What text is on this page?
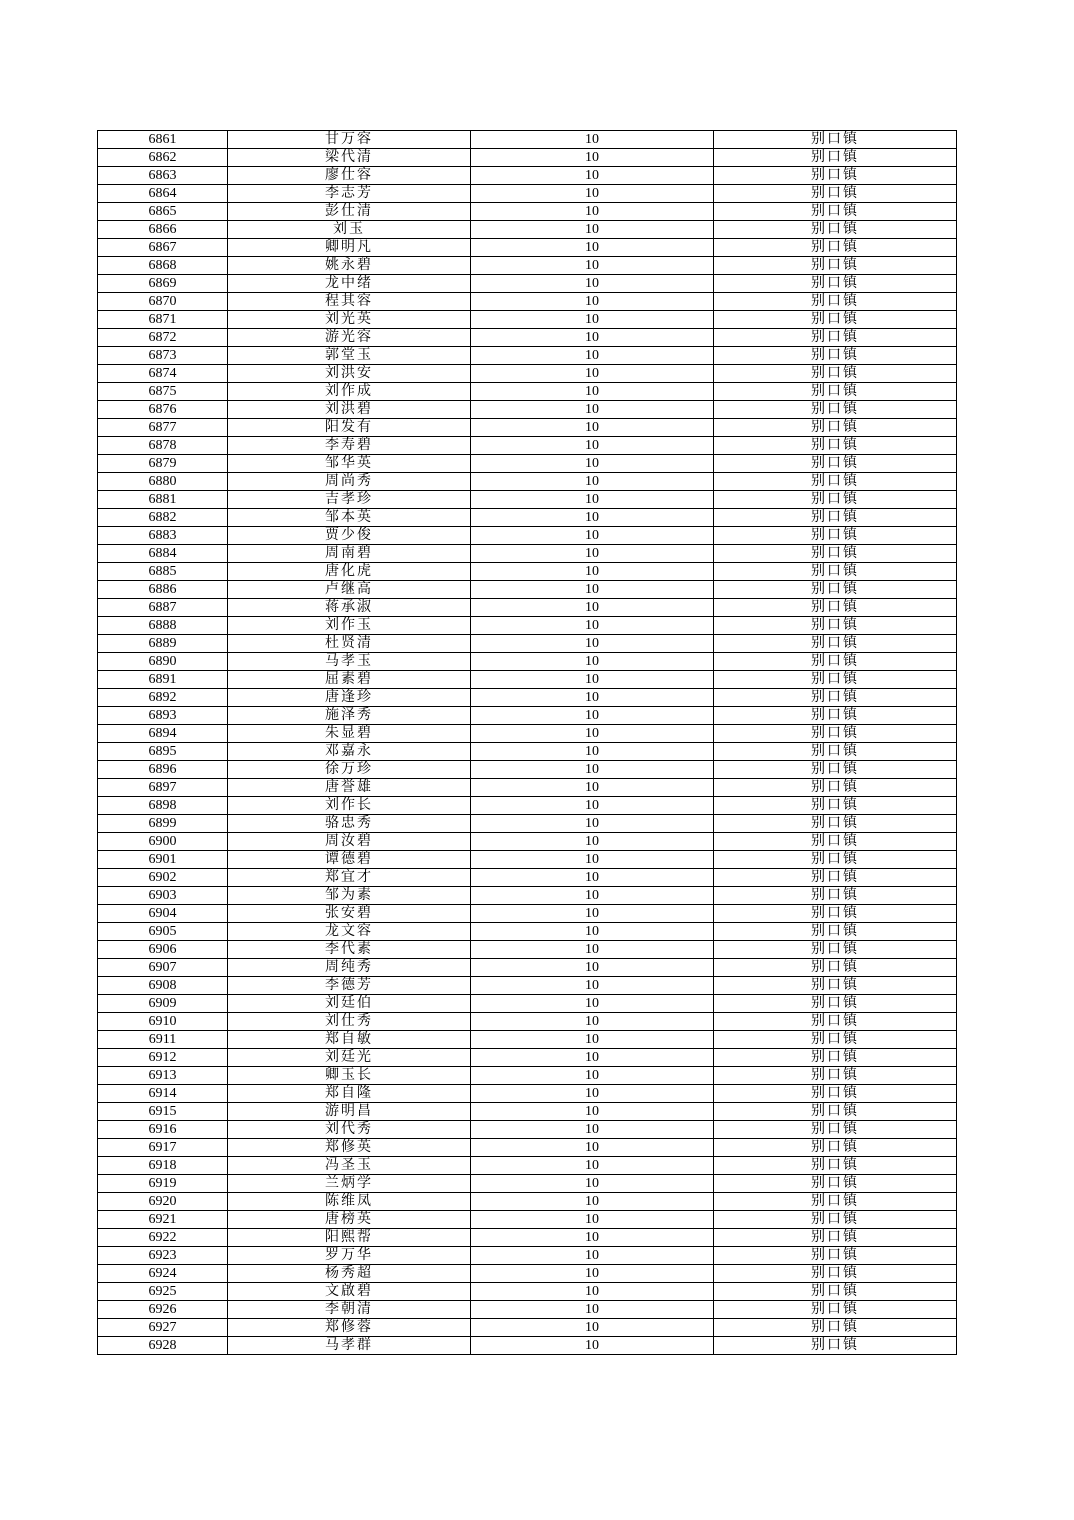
6861	甘万容	10	别口镇
6862	梁代清	10	别口镇
6863	廖仕容	10	别口镇
6864	李志芳	10	别口镇
6865	彭仕清	10	别口镇
6866	刘玉	10	别口镇
6867	卿明凡	10	别口镇
6868	姚永碧	10	别口镇
6869	龙中绪	10	别口镇
6870	程其容	10	别口镇
6871	刘光英	10	别口镇
6872	游光容	10	别口镇
6873	郭堂玉	10	别口镇
6874	刘洪安	10	别口镇
6875	刘作成	10	别口镇
6876	刘洪碧	10	别口镇
6877	阳发有	10	别口镇
6878	李寿碧	10	别口镇
6879	邹华英	10	别口镇
6880	周尚秀	10	别口镇
6881	吉孝珍	10	别口镇
6882	邹本英	10	别口镇
6883	贾少俊	10	别口镇
6884	周南碧	10	别口镇
6885	唐化虎	10	别口镇
6886	卢继高	10	别口镇
6887	蒋承淑	10	别口镇
6888	刘作玉	10	别口镇
6889	杜贤清	10	别口镇
6890	马孝玉	10	别口镇
6891	屈素碧	10	别口镇
6892	唐逢珍	10	别口镇
6893	施泽秀	10	别口镇
6894	朱显碧	10	别口镇
6895	邓嘉永	10	别口镇
6896	徐万珍	10	别口镇
6897	唐誉雄	10	别口镇
6898	刘作长	10	别口镇
6899	骆忠秀	10	别口镇
6900	周汝碧	10	别口镇
6901	谭德碧	10	别口镇
6902	郑宜才	10	别口镇
6903	邹为素	10	别口镇
6904	张安碧	10	别口镇
6905	龙文容	10	别口镇
6906	李代素	10	别口镇
6907	周纯秀	10	别口镇
6908	李德芳	10	别口镇
6909	刘廷伯	10	别口镇
6910	刘仕秀	10	别口镇
6911	郑自敏	10	别口镇
6912	刘廷光	10	别口镇
6913	卿玉长	10	别口镇
6914	郑自隆	10	别口镇
6915	游明昌	10	别口镇
6916	刘代秀	10	别口镇
6917	郑修英	10	别口镇
6918	冯圣玉	10	别口镇
6919	兰炳学	10	别口镇
6920	陈维凤	10	别口镇
6921	唐榜英	10	别口镇
6922	阳熙帮	10	别口镇
6923	罗万华	10	别口镇
6924	杨秀超	10	别口镇
6925	文啟碧	10	别口镇
6926	李朝清	10	别口镇
6927	郑修蓉	10	别口镇
6928	马孝群	10	别口镇
